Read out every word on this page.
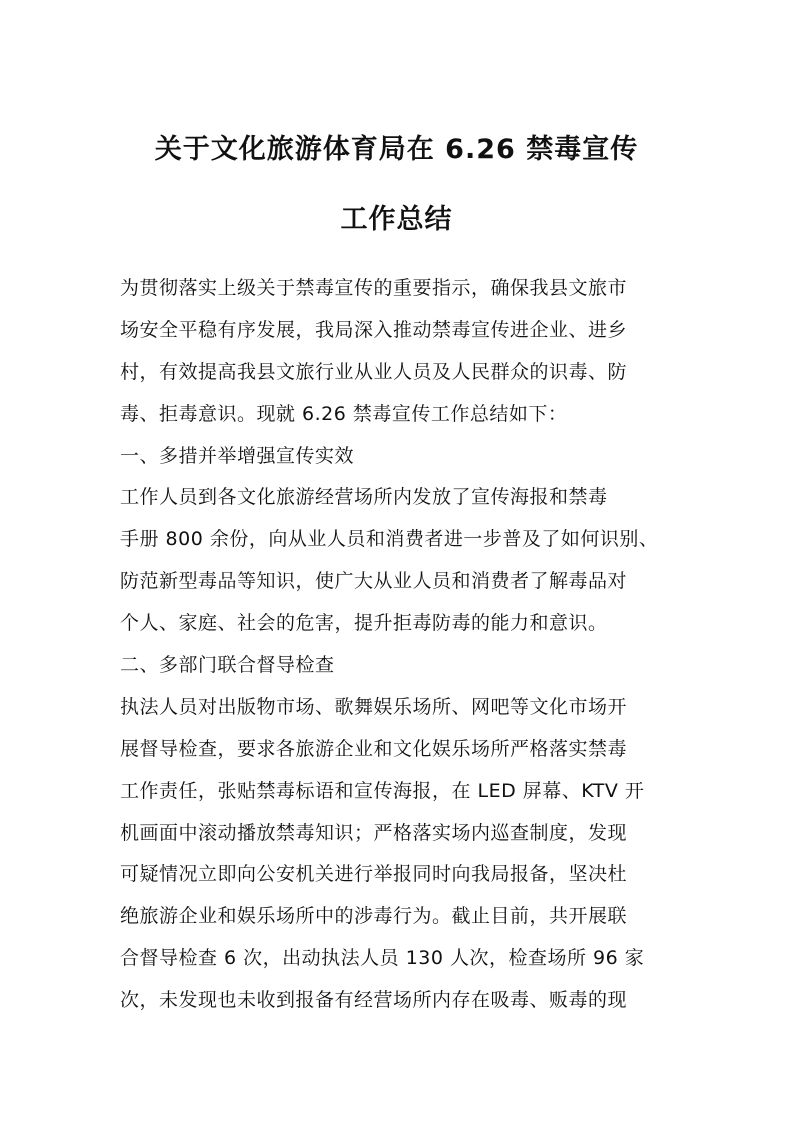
关于文化旅游体育局在 6.26 禁毒宣传
工作总结
为贯彻落实上级关于禁毒宣传的重要指示，确保我县文旅市
场安全平稳有序发展，我局深入推动禁毒宣传进企业、进乡
村，有效提高我县文旅行业从业人员及人民群众的识毒、防
毒、拒毒意识。现就 6.26 禁毒宣传工作总结如下：
一、多措并举增强宣传实效
工作人员到各文化旅游经营场所内发放了宣传海报和禁毒
手册 800 余份，向从业人员和消费者进一步普及了如何识别、
防范新型毒品等知识，使广大从业人员和消费者了解毒品对
个人、家庭、社会的危害，提升拒毒防毒的能力和意识。
二、多部门联合督导检查
执法人员对出版物市场、歌舞娱乐场所、网吧等文化市场开
展督导检查，要求各旅游企业和文化娱乐场所严格落实禁毒
工作责任，张贴禁毒标语和宣传海报，在 LED 屏幕、KTV 开
机画面中滚动播放禁毒知识；严格落实场内巡查制度，发现
可疑情况立即向公安机关进行举报同时向我局报备，坚决杜
绝旅游企业和娱乐场所中的涉毒行为。截止目前，共开展联
合督导检查 6 次，出动执法人员 130 人次，检查场所 96 家
次，未发现也未收到报备有经营场所内存在吸毒、贩毒的现
